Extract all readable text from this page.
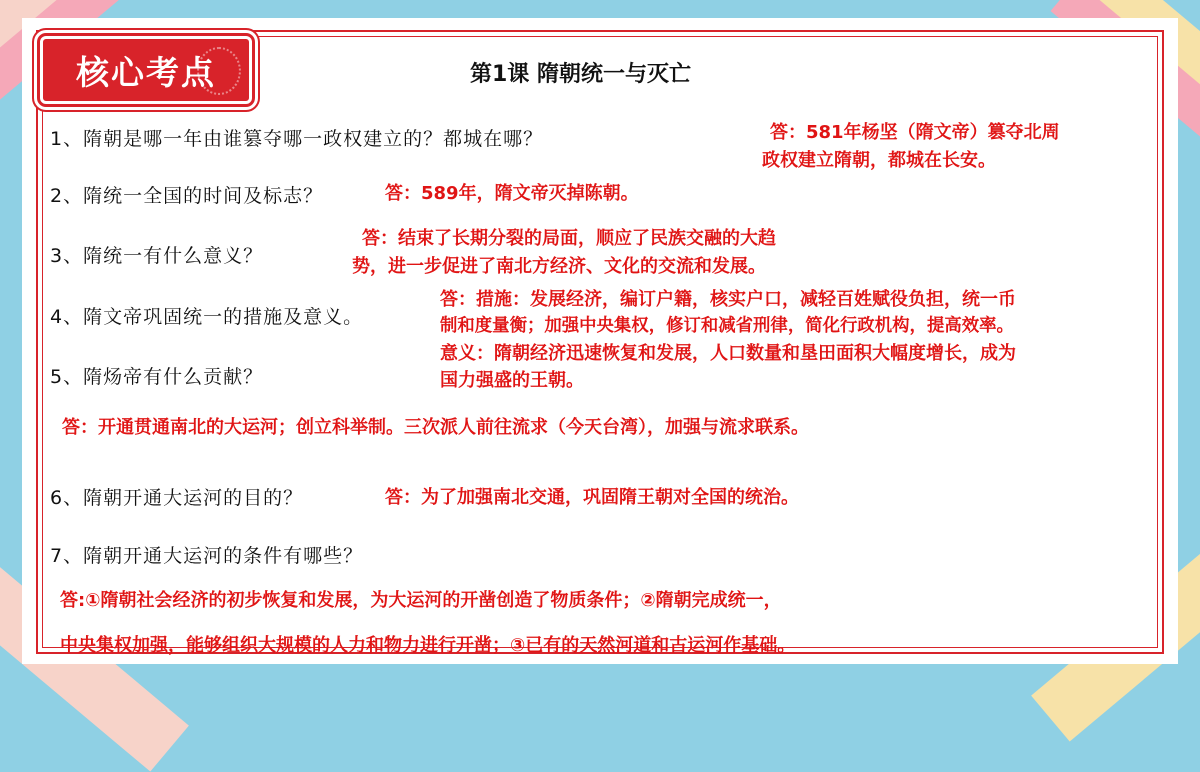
核心考点	第1课 隋朝统一与灭亡
1、隋朝是哪一年由谁篡夺哪一政权建立的？都城在哪？
2、隋统一全国的时间及标志？
3、隋统一有什么意义？
4、隋文帝巩固统一的措施及意义。
5、隋炀帝有什么贡献？
6、隋朝开通大运河的目的？
7、隋朝开通大运河的条件有哪些？
答：581年杨坚（隋文帝）篡夺北周
政权建立隋朝，都城在长安。
答：589年，隋文帝灭掉陈朝。
答：结束了长期分裂的局面，顺应了民族交融的大趋
势，进一步促进了南北方经济、文化的交流和发展。
答：措施：发展经济，编订户籍，核实户口，减轻百姓赋役负担，统一币
制和度量衡；加强中央集权，修订和减省刑律，简化行政机构，提高效率。
意义：隋朝经济迅速恢复和发展，人口数量和垦田面积大幅度增长，成为
国力强盛的王朝。
答：开通贯通南北的大运河；创立科举制。三次派人前往流求（今天台湾），加强与流求联系。
答：为了加强南北交通，巩固隋王朝对全国的统治。
答:①隋朝社会经济的初步恢复和发展，为大运河的开凿创造了物质条件；②隋朝完成统一，
中央集权加强，能够组织大规模的人力和物力进行开凿；③已有的天然河道和古运河作基础。
